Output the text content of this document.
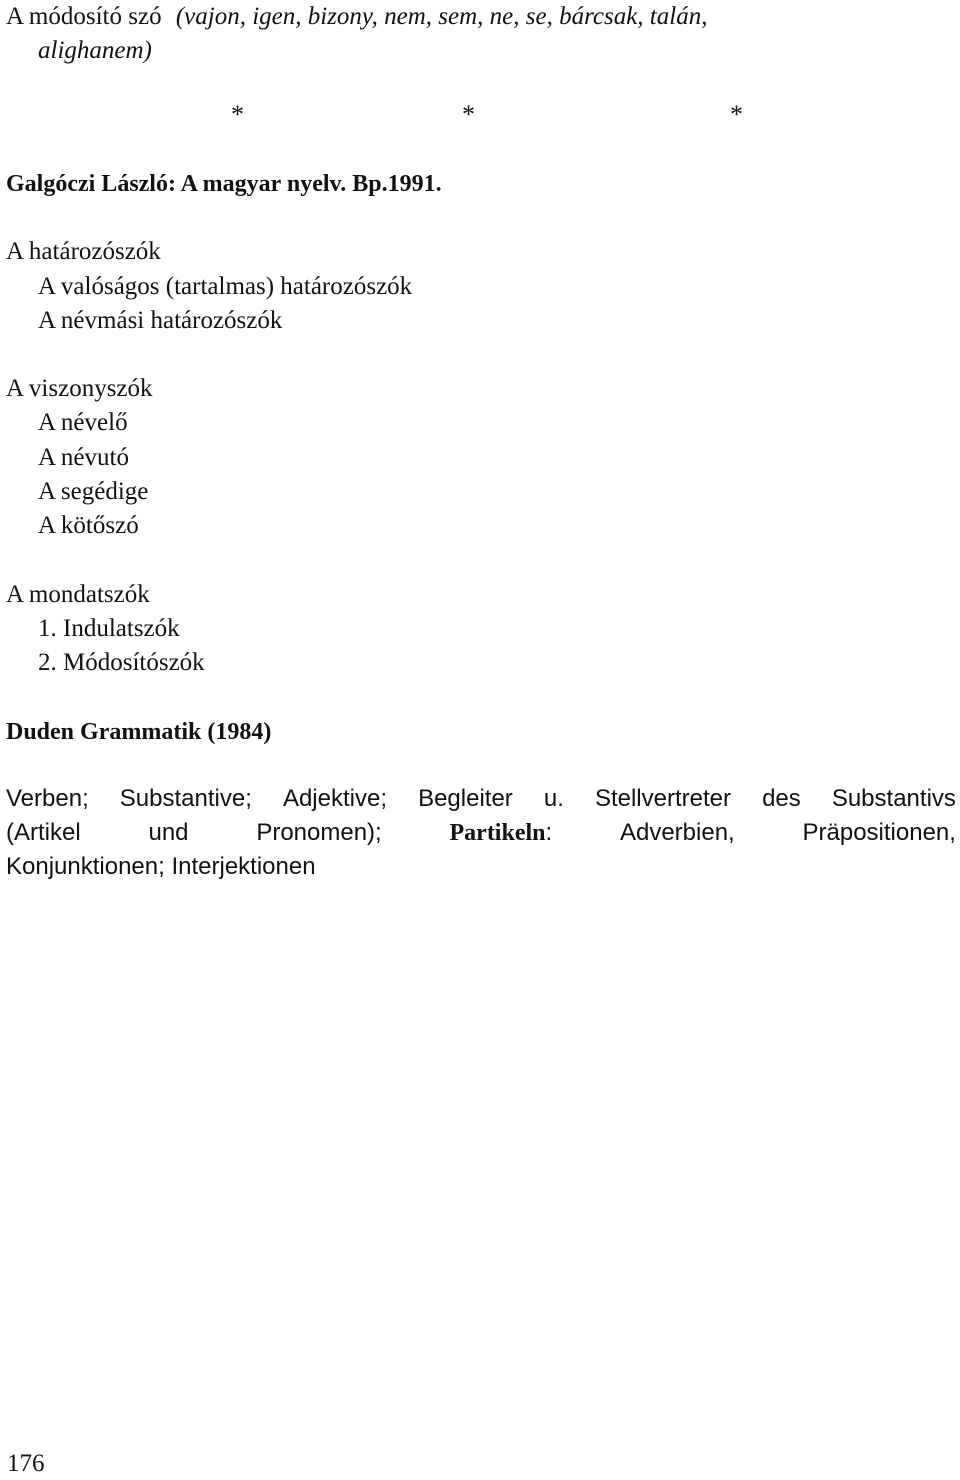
A módosító szó (vajon, igen, bizony, nem, sem, ne, se, bárcsak, talán,
alighanem)
*	*	*
Galgóczi László: A magyar nyelv. Bp.1991.
A határozószók
A valóságos (tartalmas) határozószók
A névmási határozószók
A viszonyszók
A névelő
A névutó
A segédige
A kötőszó
A mondatszók
1. Indulatszók
2. Módosítószók
Duden Grammatik (1984)
Verben; Substantive; Adjektive; Begleiter u. Stellvertreter des Substantivs
(Artikel	und	Pronomen);	Partikeln:	Adverbien,	Präpositionen,
Konjunktionen; Interjektionen
176
